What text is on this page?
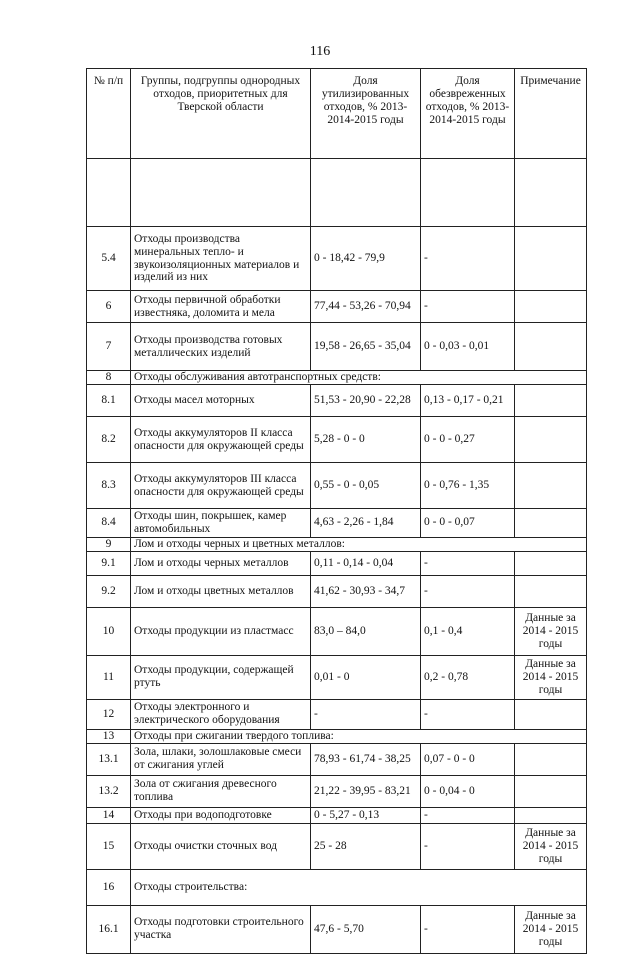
116
№ п/п	Группы, подгруппы однородных отходов, приоритетных для Тверской области	Доля утилизированных отходов, % 2013-2014-2015 годы	Доля обезвреженных отходов, % 2013-2014-2015 годы	Примечание

5.4	Отходы производства минеральных тепло- и звукоизоляционных материалов и изделий из них	0 - 18,42 - 79,9	-	
6	Отходы первичной обработки известняка, доломита и мела	77,44 - 53,26 - 70,94	-	
7	Отходы производства готовых металлических изделий	19,58 - 26,65 - 35,04	0 - 0,03 - 0,01	
8	Отходы обслуживания автотранспортных средств:			
8.1	Отходы масел моторных	51,53 - 20,90 - 22,28	0,13 - 0,17 - 0,21	
8.2	Отходы аккумуляторов II класса опасности для окружающей среды	5,28 - 0 - 0	0 - 0 - 0,27	
8.3	Отходы аккумуляторов III класса опасности для окружающей среды	0,55 - 0 - 0,05	0 - 0,76 - 1,35	
8.4	Отходы шин, покрышек, камер автомобильных	4,63 - 2,26 - 1,84	0 - 0 - 0,07	
9	Лом и отходы черных и цветных металлов:			
9.1	Лом и отходы черных металлов	0,11 - 0,14 - 0,04	-	
9.2	Лом и отходы цветных металлов	41,62 - 30,93 - 34,7	-	
10	Отходы продукции из пластмасс	83,0 – 84,0	0,1 - 0,4	Данные за 2014 - 2015 годы
11	Отходы продукции, содержащей ртуть	0,01 - 0	0,2 - 0,78	Данные за 2014 - 2015 годы
12	Отходы электронного и электрического оборудования	-	-	
13	Отходы при сжигании твердого топлива:			
13.1	Зола, шлаки, золошлаковые смеси от сжигания углей	78,93 - 61,74 - 38,25	0,07 - 0 - 0	
13.2	Зола от сжигания древесного топлива	21,22 - 39,95 - 83,21	0 - 0,04 - 0	
14	Отходы при водоподготовке	0 - 5,27 - 0,13	-	
15	Отходы очистки сточных вод	25 - 28	-	Данные за 2014 - 2015 годы
16	Отходы строительства:			
16.1	Отходы подготовки строительного участка	47,6 - 5,70	-	Данные за 2014 - 2015 годы
